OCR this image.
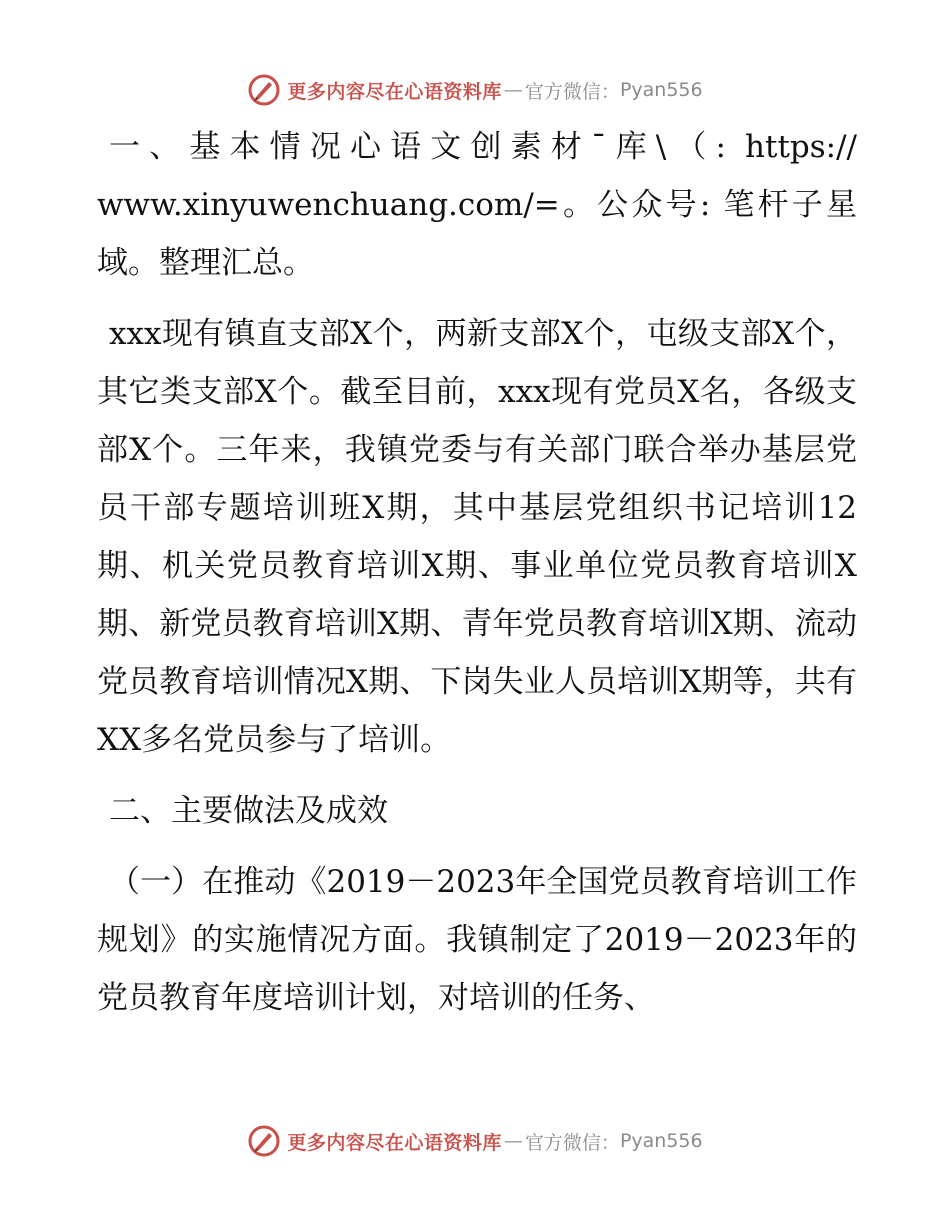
更多内容尽在心语资料库 — 官方微信： Pyan556

一、基本情况心语文创素材¯库\（: https:// www.xinyuwenchuang.com/=。公众号: 笔杆子星域。整理汇总。

xxx现有镇直支部X个，两新支部X个，屯级支部X个，其它类支部X个。截至目前，xxx现有党员X名，各级支部X个。三年来，我镇党委与有关部门联合举办基层党员干部专题培训班X期，其中基层党组织书记培训12期、机关党员教育培训X期、事业单位党员教育培训X期、新党员教育培训X期、青年党员教育培训X期、流动党员教育培训情况X期、下岗失业人员培训X期等，共有XX多名党员参与了培训。

二、主要做法及成效

（一）在推动《2019－2023年全国党员教育培训工作规划》的实施情况方面。我镇制定了2019－2023年的党员教育年度培训计划，对培训的任务、

更多内容尽在心语资料库 — 官方微信： Pyan556
